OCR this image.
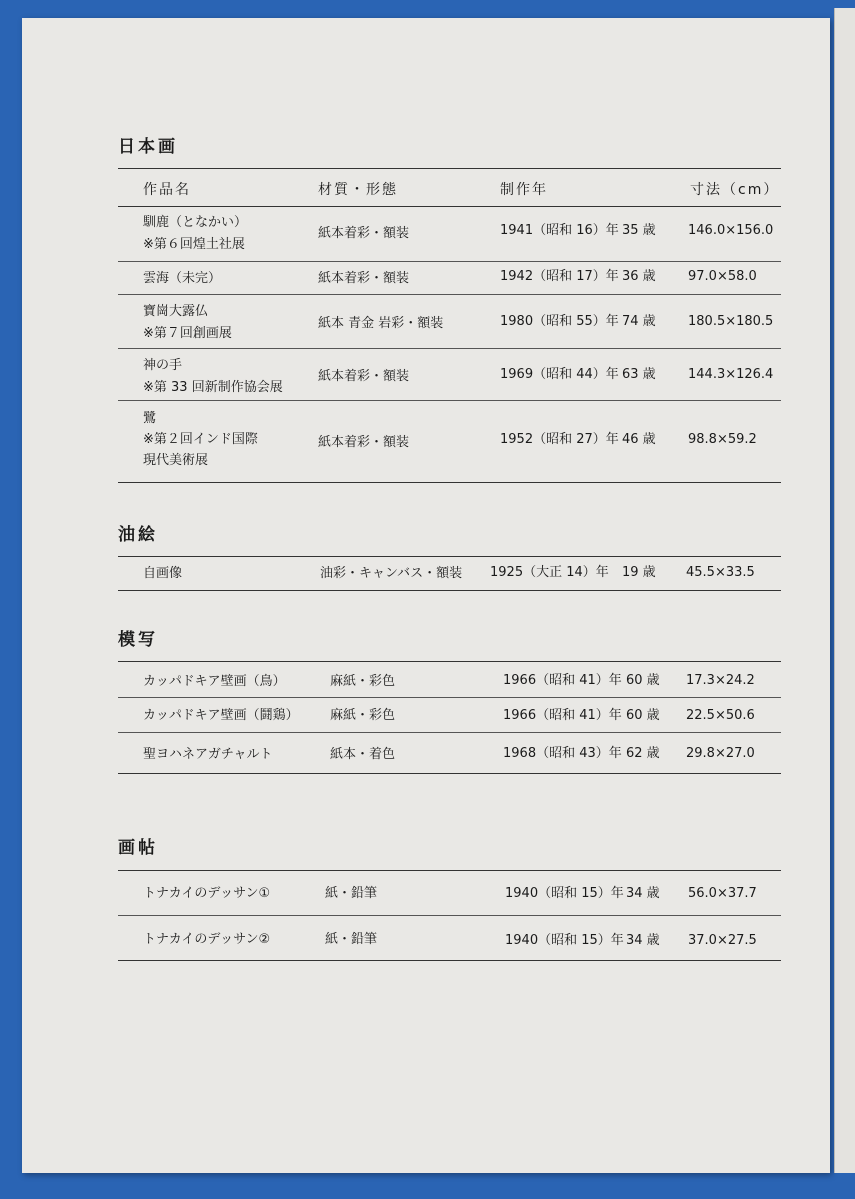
日本画
作品名	材質・形態	制作年	寸法（cm）
馴鹿（となかい）
※第６回煌土社展
紙本着彩・額装	1941（昭和 16）年 35 歳 146.0×156.0
雲海（未完）	紙本着彩・額装	1942（昭和 17）年 36 歳 97.0×58.0
寶崗大露仏
※第７回創画展
紙本 青金 岩彩・額装	1980（昭和 55）年 74 歳 180.5×180.5
神の手
※第 33 回新制作協会展
紙本着彩・額装	1969（昭和 44）年 63 歳 144.3×126.4
鷺
※第２回インド国際
現代美術展
紙本着彩・額装	1952（昭和 27）年 46 歳 98.8×59.2
油絵
自画像	油彩・キャンバス・額装 1925（大正 14）年 19 歳 45.5×33.5
模写
カッパドキア壁画（鳥）	麻紙・彩色	1966（昭和 41）年 60 歳 17.3×24.2
カッパドキア壁画（鬪鶏） 麻紙・彩色	1966（昭和 41）年 60 歳 22.5×50.6
聖ヨハネアガチャルト	紙本・着色	1968（昭和 43）年 62 歳 29.8×27.0
画帖
トナカイのデッサン①	紙・鉛筆	1940（昭和 15）年 34 歳 56.0×37.7
トナカイのデッサン②	紙・鉛筆	1940（昭和 15）年 34 歳 37.0×27.5
